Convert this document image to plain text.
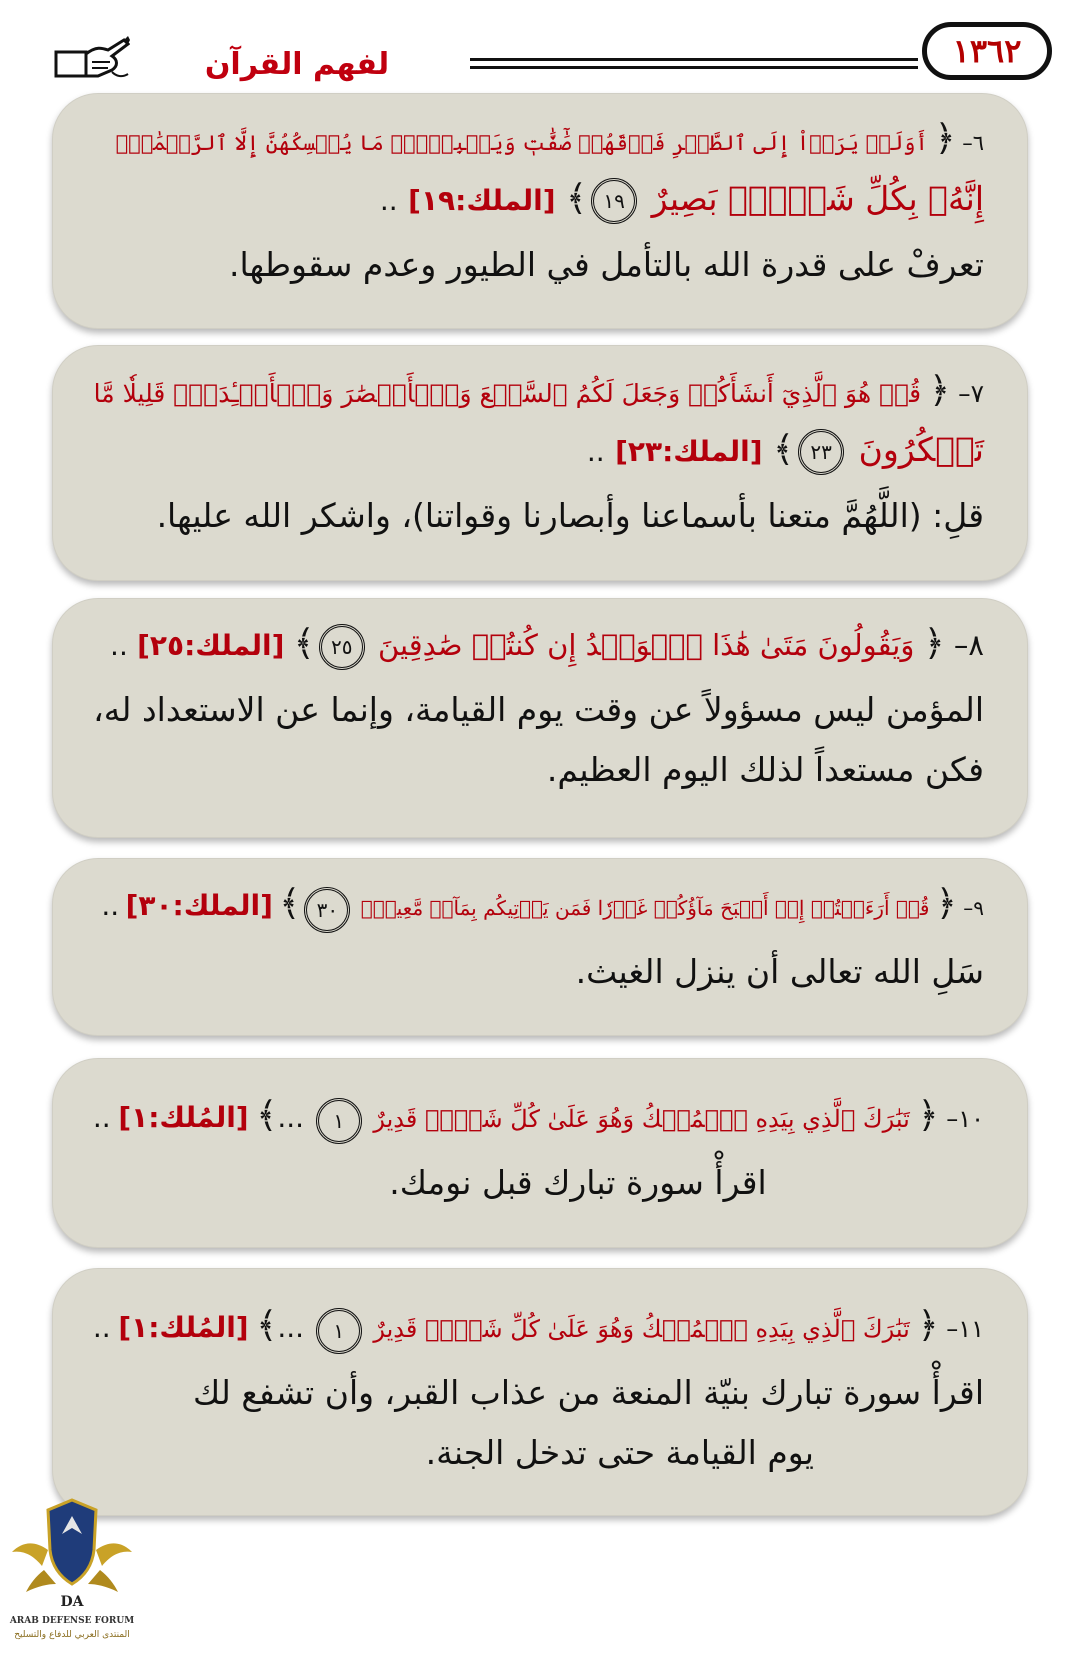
١٣٦٢
لفهم القرآن
٦– ﴿ أَوَلَمۡ يَرَوۡاْ إِلَى ٱلطَّيۡرِ فَوۡقَهُمۡ صَٰٓفَّٰتٖ وَيَقۡبِضۡنَۚ مَا يُمۡسِكُهُنَّ إِلَّا ٱلرَّحۡمَٰنُۚ
إِنَّهُۥ بِكُلِّ شَيۡءِۭ بَصِيرٌ ١٩﴾ [الملك:١٩] ..
تعرفْ على قدرة الله بالتأمل في الطيور وعدم سقوطها.
٧– ﴿ قُلۡ هُوَ ٱلَّذِيٓ أَنشَأَكُمۡ وَجَعَلَ لَكُمُ ٱلسَّمۡعَ وَٱلۡأَبۡصَٰرَ وَٱلۡأَفۡـِٔدَةَۖ قَلِيلٗا مَّا
تَشۡكُرُونَ ٢٣﴾ [الملك:٢٣] ..
قلِ: (اللَّهُمَّ متعنا بأسماعنا وأبصارنا وقواتنا)، واشكر الله عليها.
٨– ﴿ وَيَقُولُونَ مَتَىٰ هَٰذَا ٱلۡوَعۡدُ إِن كُنتُمۡ صَٰدِقِينَ ٢٥﴾ [الملك:٢٥] ..
المؤمن ليس مسؤولاً عن وقت يوم القيامة، وإنما عن الاستعداد له،
فكن مستعداً لذلك اليوم العظيم.
٩– ﴿ قُلۡ أَرَءَيۡتُمۡ إِنۡ أَصۡبَحَ مَآؤُكُمۡ غَوۡرٗا فَمَن يَأۡتِيكُم بِمَآءٖ مَّعِينِۭ ٣٠﴾ [الملك:٣٠] ..
سَلِ الله تعالى أن ينزل الغيث.
١٠– ﴿ تَبَٰرَكَ ٱلَّذِي بِيَدِهِ ٱلۡمُلۡكُ وَهُوَ عَلَىٰ كُلِّ شَيۡءٖ قَدِيرٌ ١ ...﴾ [المُلك:١] ..
اقرأْ سورة تبارك قبل نومك.
١١– ﴿ تَبَٰرَكَ ٱلَّذِي بِيَدِهِ ٱلۡمُلۡكُ وَهُوَ عَلَىٰ كُلِّ شَيۡءٖ قَدِيرٌ ١ ...﴾ [المُلك:١] ..
اقرأْ سورة تبارك بنيّة المنعة من عذاب القبر، وأن تشفع لك
يوم القيامة حتى تدخل الجنة.
DA
ARAB DEFENSE FORUM
المنتدى العربي للدفاع والتسليح
